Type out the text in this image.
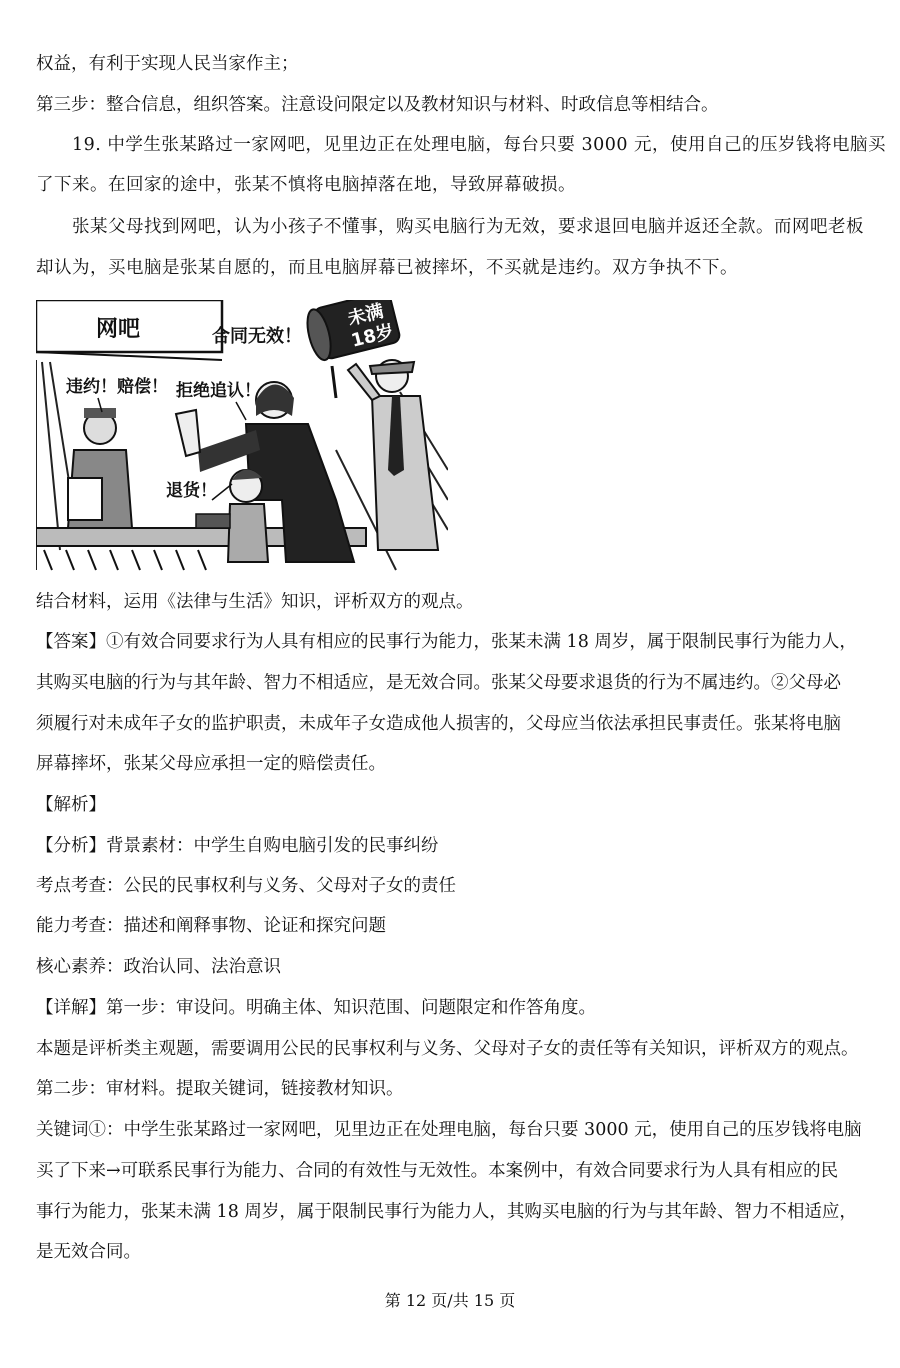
权益，有利于实现人民当家作主；
第三步：整合信息，组织答案。注意设问限定以及教材知识与材料、时政信息等相结合。
19. 中学生张某路过一家网吧，见里边正在处理电脑，每台只要 3000 元，使用自己的压岁钱将电脑买
了下来。在回家的途中，张某不慎将电脑掉落在地，导致屏幕破损。
张某父母找到网吧，认为小孩子不懂事，购买电脑行为无效，要求退回电脑并返还全款。而网吧老板
却认为，买电脑是张某自愿的，而且电脑屏幕已被摔坏，不买就是违约。双方争执不下。
网吧	未满
18岁
合同无效！
违约！赔偿！ 拒绝追认！
退货！
结合材料，运用《法律与生活》知识，评析双方的观点。
【答案】①有效合同要求行为人具有相应的民事行为能力，张某未满 18 周岁，属于限制民事行为能力人，
其购买电脑的行为与其年龄、智力不相适应，是无效合同。张某父母要求退货的行为不属违约。②父母必
须履行对未成年子女的监护职责，未成年子女造成他人损害的，父母应当依法承担民事责任。张某将电脑
屏幕摔坏，张某父母应承担一定的赔偿责任。
【解析】
【分析】背景素材：中学生自购电脑引发的民事纠纷
考点考查：公民的民事权利与义务、父母对子女的责任
能力考查：描述和阐释事物、论证和探究问题
核心素养：政治认同、法治意识
【详解】第一步：审设问。明确主体、知识范围、问题限定和作答角度。
本题是评析类主观题，需要调用公民的民事权利与义务、父母对子女的责任等有关知识，评析双方的观点。
第二步：审材料。提取关键词，链接教材知识。
关键词①：中学生张某路过一家网吧，见里边正在处理电脑，每台只要 3000 元，使用自己的压岁钱将电脑
买了下来→可联系民事行为能力、合同的有效性与无效性。本案例中，有效合同要求行为人具有相应的民
事行为能力，张某未满 18 周岁，属于限制民事行为能力人，其购买电脑的行为与其年龄、智力不相适应，
是无效合同。
第 12 页/共 15 页
